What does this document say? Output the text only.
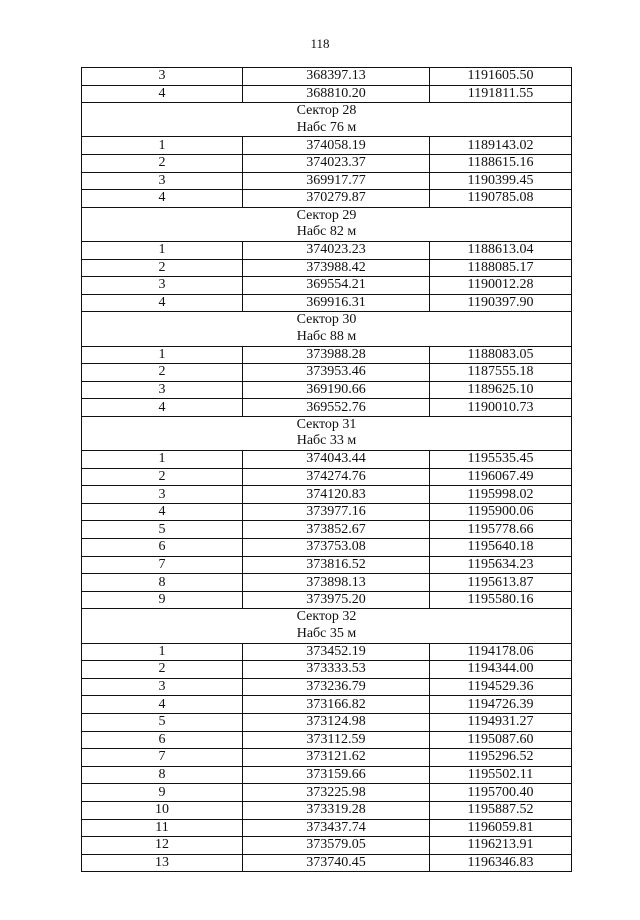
118
3	368397.13	1191605.50
4	368810.20	1191811.55

Сектор 28
Набс 76 м		

1	374058.19	1189143.02
2	374023.37	1188615.16
3	369917.77	1190399.45
4	370279.87	1190785.08

Сектор 29
Набс 82 м		

1	374023.23	1188613.04
2	373988.42	1188085.17
3	369554.21	1190012.28
4	369916.31	1190397.90

Сектор 30
Набс 88 м		

1	373988.28	1188083.05
2	373953.46	1187555.18
3	369190.66	1189625.10
4	369552.76	1190010.73

Сектор 31
Набс 33 м		

1	374043.44	1195535.45
2	374274.76	1196067.49
3	374120.83	1195998.02
4	373977.16	1195900.06
5	373852.67	1195778.66
6	373753.08	1195640.18
7	373816.52	1195634.23
8	373898.13	1195613.87
9	373975.20	1195580.16

Сектор 32
Набс 35 м		

1	373452.19	1194178.06
2	373333.53	1194344.00
3	373236.79	1194529.36
4	373166.82	1194726.39
5	373124.98	1194931.27
6	373112.59	1195087.60
7	373121.62	1195296.52
8	373159.66	1195502.11
9	373225.98	1195700.40
10	373319.28	1195887.52
11	373437.74	1196059.81
12	373579.05	1196213.91
13	373740.45	1196346.83
